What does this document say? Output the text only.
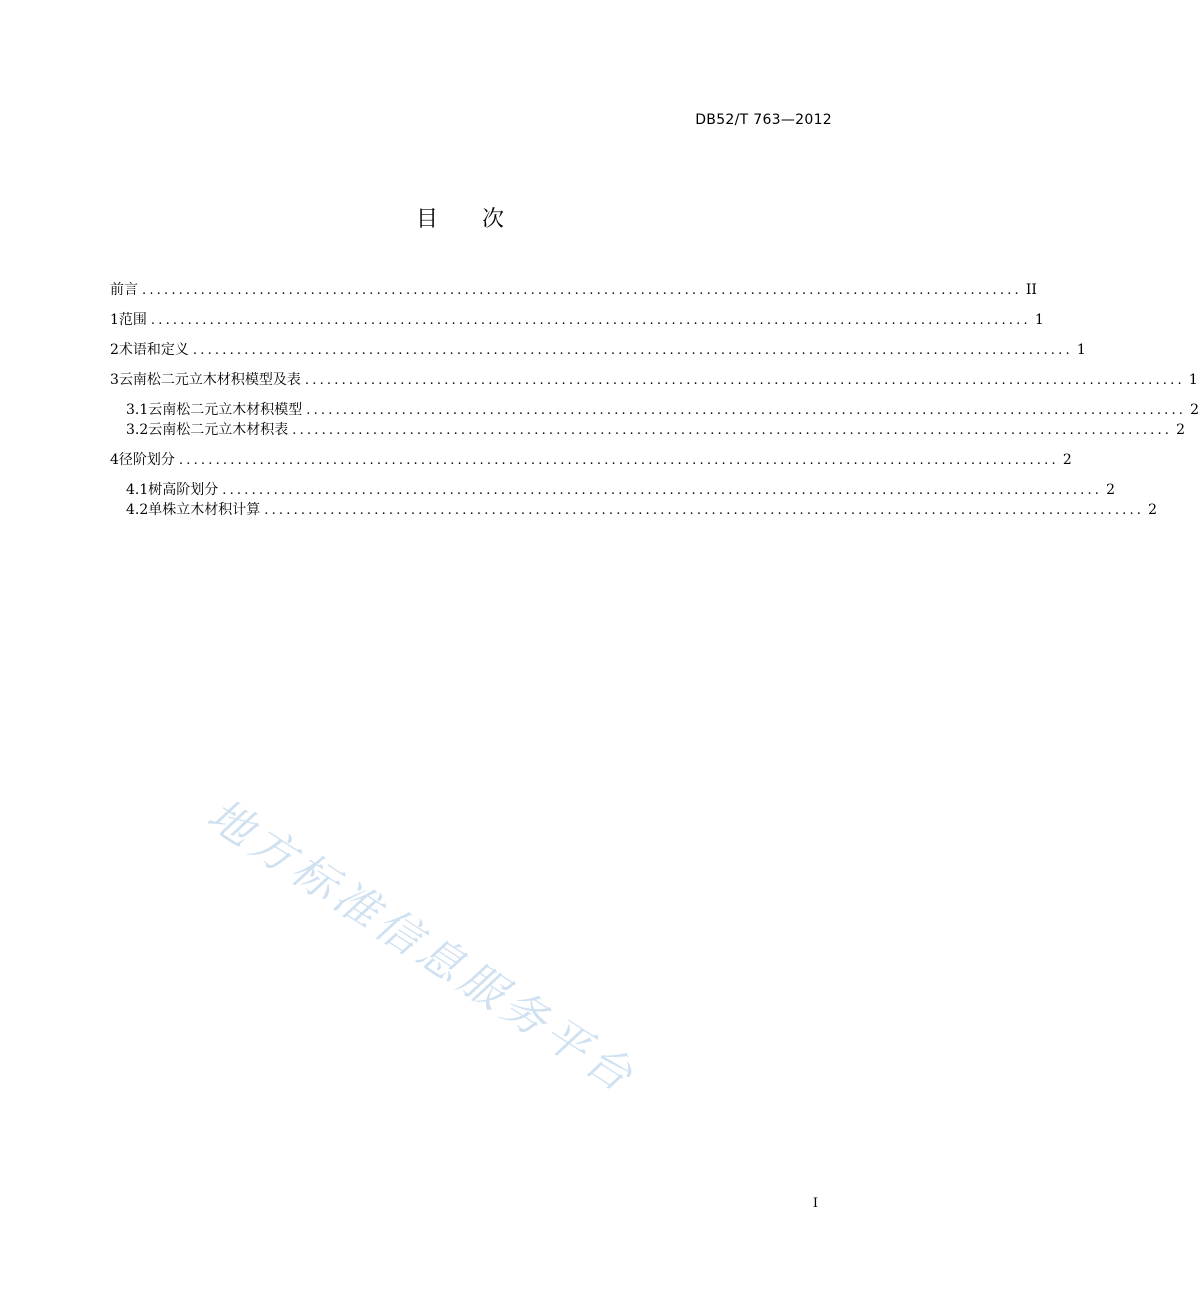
DB52/T 763—2012
目　　次
前言 ........................................................................................................................ II
1 范围 ........................................................................................................................ 1
2 术语和定义 ........................................................................................................................ 1
3 云南松二元立木材积模型及表 ........................................................................................................................ 1
3.1 云南松二元立木材积模型 ........................................................................................................................ 2
3.2 云南松二元立木材积表 ........................................................................................................................ 2
4 径阶划分 ........................................................................................................................ 2
4.1 树高阶划分 ........................................................................................................................ 2
4.2 单株立木材积计算 ........................................................................................................................ 2
地方标准信息服务平台
I
